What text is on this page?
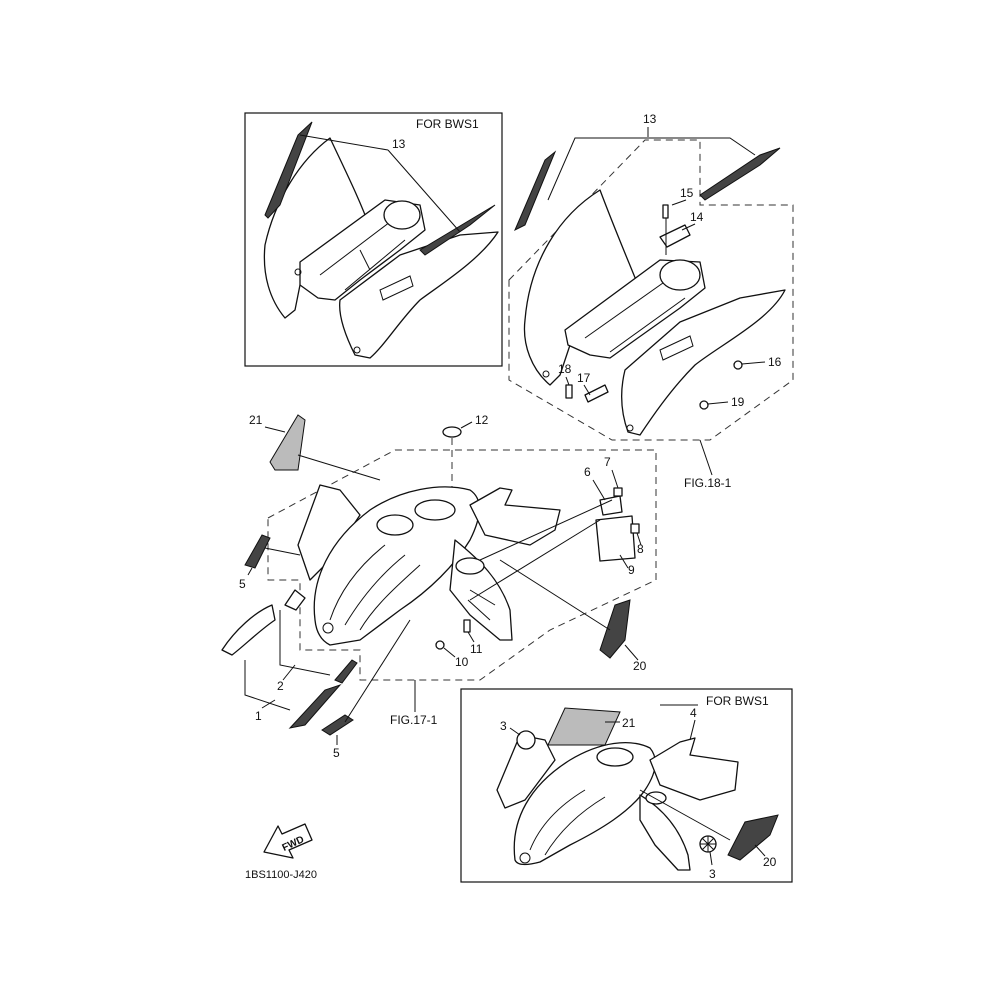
FOR BWS1
13
13
15
14
16
19
17
18
FIG.18-1
21	12
5
1
2
5
6
7
9
8
10
11
20
FIG.17-1
FOR BWS1
21
3
4
3
20
FWD
1BS1100-J420
